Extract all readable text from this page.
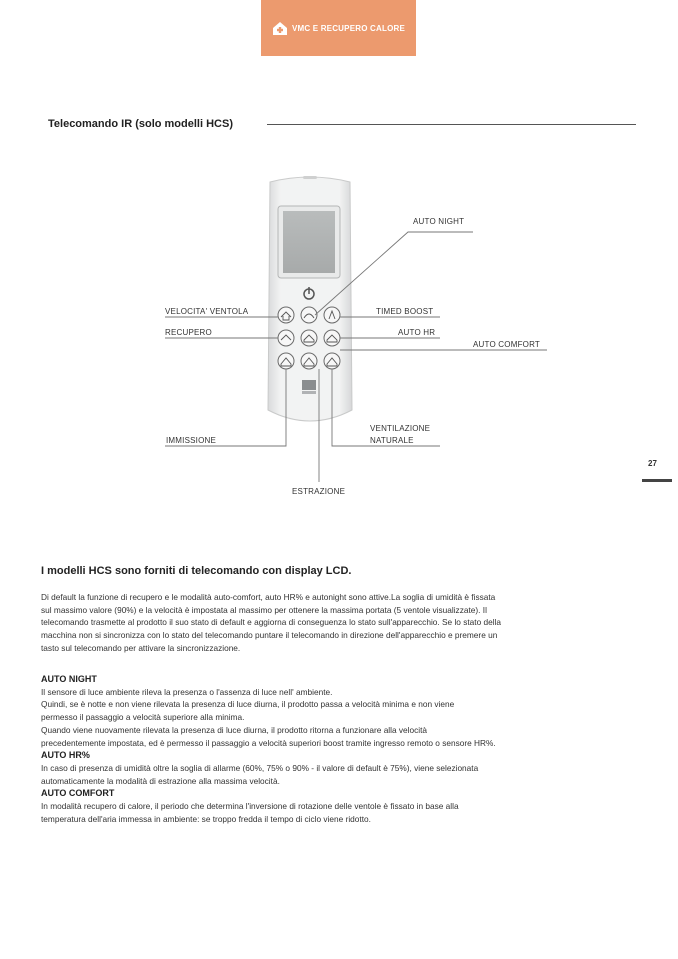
VMC E RECUPERO CALORE
Telecomando IR (solo modelli HCS)
AUTO NIGHT
VELOCITA' VENTOLA	TIMED BOOST
RECUPERO	AUTO HR
AUTO COMFORT
IMMISSIONE
VENTILAZIONE
NATURALE
ESTRAZIONE
27
I modelli HCS sono forniti di telecomando con display LCD.

Di default la funzione di recupero e le modalità auto-comfort, auto HR% e autonight sono attive.La soglia di umidità è fissata

sul massimo valore (90%) e la velocità è impostata al massimo per ottenere la massima portata (5 ventole visualizzate). Il

telecomando trasmette al prodotto il suo stato di default e aggiorna di conseguenza lo stato sull'apparecchio. Se lo stato della

macchina non si sincronizza con lo stato del telecomando puntare il telecomando in direzione dell'apparecchio e premere un

tasto sul telecomando per attivare la sincronizzazione.

AUTO NIGHT

Il sensore di luce ambiente rileva la presenza o l'assenza di luce nell' ambiente.

Quindi, se è notte e non viene rilevata la presenza di luce diurna, il prodotto passa a velocità minima e non viene

permesso il passaggio a velocità superiore alla minima.

Quando viene nuovamente rilevata la presenza di luce diurna, il prodotto ritorna a funzionare alla velocità

precedentemente impostata, ed è permesso il passaggio a velocità superiori boost tramite ingresso remoto o sensore HR%.

AUTO HR%

In caso di presenza di umidità oltre la soglia di allarme (60%, 75% o 90% - il valore di default è 75%), viene selezionata

automaticamente la modalità di estrazione alla massima velocità.

AUTO COMFORT

In modalità recupero di calore, il periodo che determina l'inversione di rotazione delle ventole è fissato in base alla

temperatura dell'aria immessa in ambiente: se troppo fredda il tempo di ciclo viene ridotto.
